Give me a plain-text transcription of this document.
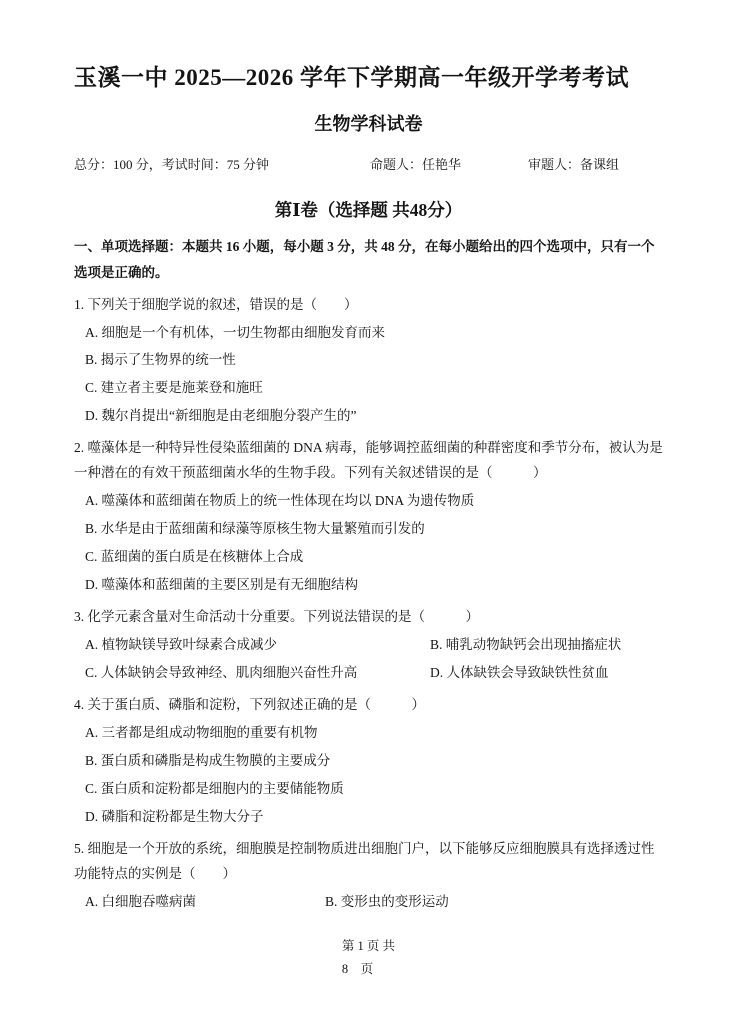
玉溪一中 2025—2026 学年下学期高一年级开学考考试
生物学科试卷
总分：100 分，考试时间：75 分钟	命题人：任艳华	审题人：备课组
第Ⅰ卷（选择题 共48分）

一、单项选择题：本题共 16 小题，每小题 3 分，共 48 分，在每小题给出的四个选项中，只有一个选项是正确的。

1. 下列关于细胞学说的叙述，错误的是（　　）

A. 细胞是一个有机体，一切生物都由细胞发育而来

B. 揭示了生物界的统一性

C. 建立者主要是施莱登和施旺

D. 魏尔肖提出“新细胞是由老细胞分裂产生的”

2. 噬藻体是一种特异性侵染蓝细菌的 DNA 病毒，能够调控蓝细菌的种群密度和季节分布，被认为是一种潜在的有效干预蓝细菌水华的生物手段。下列有关叙述错误的是（　　　）

A. 噬藻体和蓝细菌在物质上的统一性体现在均以 DNA 为遗传物质

B. 水华是由于蓝细菌和绿藻等原核生物大量繁殖而引发的

C. 蓝细菌的蛋白质是在核糖体上合成

D. 噬藻体和蓝细菌的主要区别是有无细胞结构

3. 化学元素含量对生命活动十分重要。下列说法错误的是（　　　）

A. 植物缺镁导致叶绿素合成减少	B. 哺乳动物缺钙会出现抽搐症状
C. 人体缺钠会导致神经、肌肉细胞兴奋性升高	D. 人体缺铁会导致缺铁性贫血

4. 关于蛋白质、磷脂和淀粉，下列叙述正确的是（　　　）

A. 三者都是组成动物细胞的重要有机物

B. 蛋白质和磷脂是构成生物膜的主要成分

C. 蛋白质和淀粉都是细胞内的主要储能物质

D. 磷脂和淀粉都是生物大分子

5. 细胞是一个开放的系统，细胞膜是控制物质进出细胞门户，以下能够反应细胞膜具有选择透过性功能特点的实例是（　　）

A. 白细胞吞噬病菌	B. 变形虫的变形运动
第 1 页 共
8　页
